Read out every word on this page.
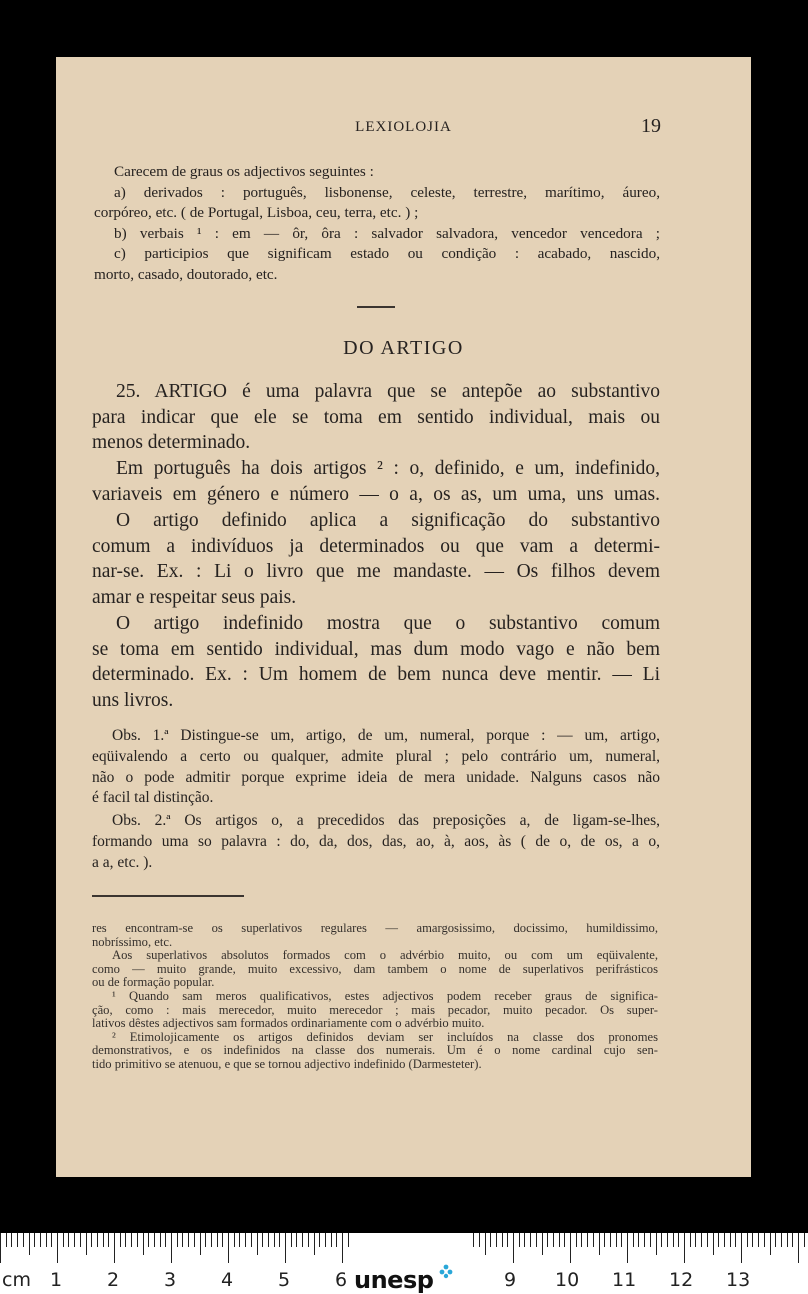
LEXIOLOJIA	19
Carecem de graus os adjectivos seguintes :
a) derivados : português, lisbonense, celeste, terrestre, marítimo, áureo,
corpóreo, etc. ( de Portugal, Lisboa, ceu, terra, etc. ) ;
b) verbais ¹ : em — ôr, ôra : salvador salvadora, vencedor vencedora ;
c) participios que significam estado ou condição : acabado, nascido,
morto, casado, doutorado, etc.
DO ARTIGO
25. ARTIGO é uma palavra que se antepõe ao substantivo
para indicar que ele se toma em sentido individual, mais ou
menos determinado.
Em português ha dois artigos ² : o, definido, e um, indefinido,
variaveis em género e número — o a, os as, um uma, uns umas.
O artigo definido aplica a significação do substantivo
comum a indivíduos ja determinados ou que vam a determi-
nar-se. Ex. : Li o livro que me mandaste. — Os filhos devem
amar e respeitar seus pais.
O artigo indefinido mostra que o substantivo comum
se toma em sentido individual, mas dum modo vago e não bem
determinado. Ex. : Um homem de bem nunca deve mentir. — Li
uns livros.
Obs. 1.ª Distingue-se um, artigo, de um, numeral, porque : — um, artigo,
eqüivalendo a certo ou qualquer, admite plural ; pelo contrário um, numeral,
não o pode admitir porque exprime ideia de mera unidade. Nalguns casos não
é facil tal distinção.
Obs. 2.ª Os artigos o, a precedidos das preposições a, de ligam-se-lhes,
formando uma so palavra : do, da, dos, das, ao, à, aos, às ( de o, de os, a o,
a a, etc. ).
res encontram-se os superlativos regulares — amargosissimo, docissimo, humildissimo,
nobríssimo, etc.
Aos superlativos absolutos formados com o advérbio muito, ou com um eqüivalente,
como — muito grande, muito excessivo, dam tambem o nome de superlativos perifrásticos
ou de formação popular.
¹ Quando sam meros qualificativos, estes adjectivos podem receber graus de significa-
ção, como : mais merecedor, muito merecedor ; mais pecador, muito pecador. Os super-
lativos dêstes adjectivos sam formados ordinariamente com o advérbio muito.
² Etimolojicamente os artigos definidos deviam ser incluídos na classe dos pronomes
demonstrativos, e os indefinidos na classe dos numerais. Um é o nome cardinal cujo sen-
tido primitivo se atenuou, e que se tornou adjectivo indefinido (Darmesteter).
cm 1 2 3 4 5 6 unesp	9 10 11 12 13
